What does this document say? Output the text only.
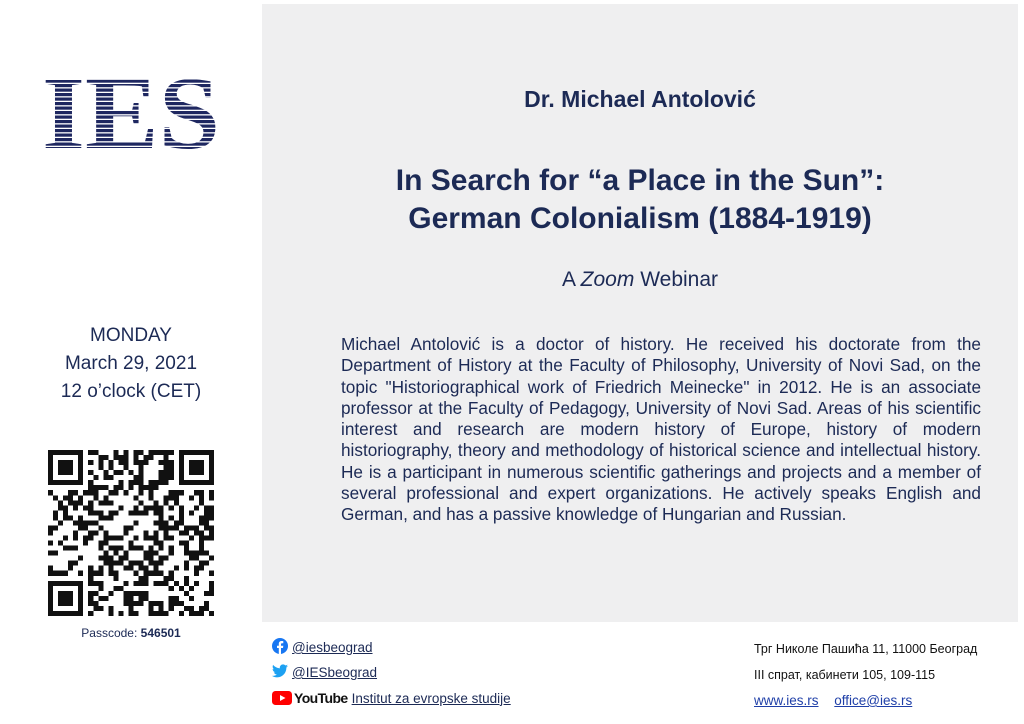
MONDAY
March 29, 2021
12 o’clock (CET)
Passcode: 546501
Dr. Michael Antolović
In Search for “a Place in the Sun”:
German Colonialism (1884-1919)
A Zoom Webinar
Michael Antolović is a doctor of history. He received his doctorate from the Department of History at the Faculty of Philosophy, University of Novi Sad, on the topic "Historiographical work of Friedrich Meinecke" in 2012. He is an associate professor at the Faculty of Pedagogy, University of Novi Sad. Areas of his scientific interest and research are modern history of Europe, history of modern historiography, theory and methodology of historical science and intellectual history. He is a participant in numerous scientific gatherings and projects and a member of several professional and expert organizations. He actively speaks English and German, and has a passive knowledge of Hungarian and Russian.
@iesbeograd
@IESbeograd
YouTube Institut za evropske studije
Трг Николе Пашића 11, 11000 Београд
III спрат, кабинети 105, 109-115
www.ies.rs office@ies.rs
